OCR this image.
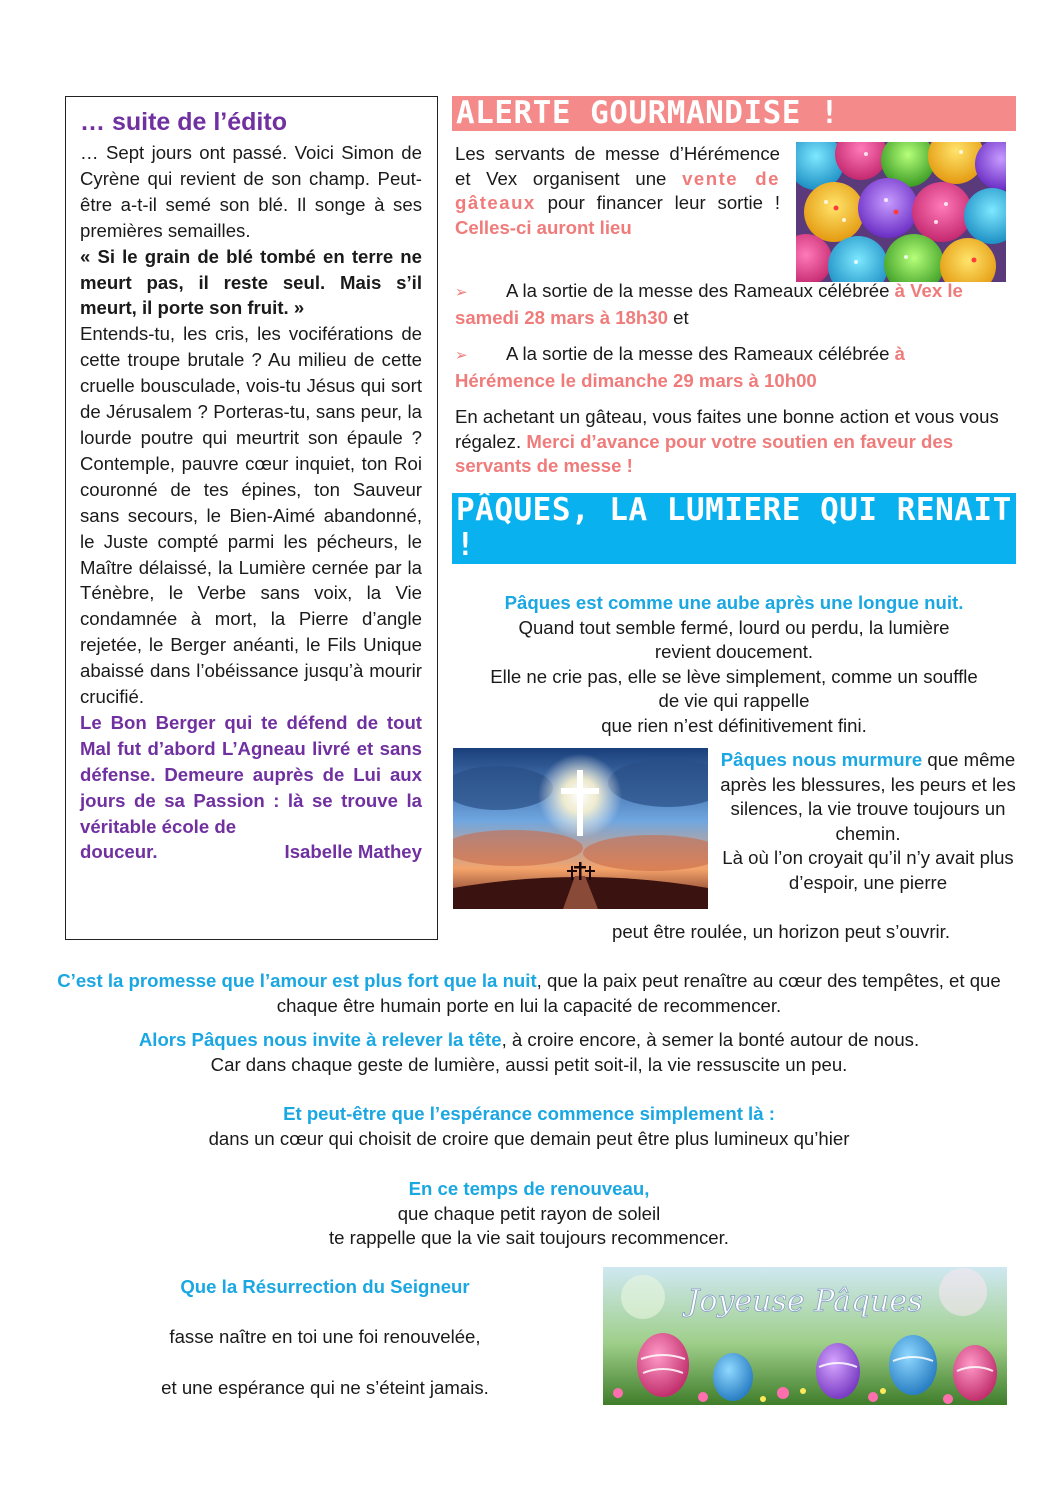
… suite de l’édito

… Sept jours ont passé. Voici Simon de Cyrène qui revient de son champ. Peut-être a-t-il semé son blé. Il songe à ses premières semailles.

« Si le grain de blé tombé en terre ne meurt pas, il reste seul. Mais s’il meurt, il porte son fruit. »

Entends-tu, les cris, les vociférations de cette troupe brutale ? Au milieu de cette cruelle bousculade, vois-tu Jésus qui sort de Jérusalem ? Porteras-tu, sans peur, la lourde poutre qui meurtrit son épaule ? Contemple, pauvre cœur inquiet, ton Roi couronné de tes épines, ton Sauveur sans secours, le Bien-Aimé abandonné, le Juste compté parmi les pécheurs, le Maître délaissé, la Lumière cernée par la Ténèbre, le Verbe sans voix, la Vie condamnée à mort, la Pierre d’angle rejetée, le Berger anéanti, le Fils Unique abaissé dans l’obéissance jusqu’à mourir crucifié.

Le Bon Berger qui te défend de tout Mal fut d’abord L’Agneau livré et sans défense. Demeure auprès de Lui aux jours de sa Passion : là se trouve la véritable école de

douceur.	Isabelle Mathey

ALERTE GOURMANDISE !
Les servants de messe d’Hérémence et Vex organisent une vente de gâteaux pour financer leur sortie ! Celles-ci auront lieu
➢ A la sortie de la messe des Rameaux célébrée à Vex le samedi 28 mars à 18h30 et
➢ A la sortie de la messe des Rameaux célébrée à Hérémence le dimanche 29 mars à 10h00
En achetant un gâteau, vous faites une bonne action et vous vous régalez. Merci d’avance pour votre soutien en faveur des servants de messe !
PÂQUES, LA LUMIERE QUI RENAIT !
Pâques est comme une aube après une longue nuit.
Quand tout semble fermé, lourd ou perdu, la lumière revient doucement.
Elle ne crie pas, elle se lève simplement, comme un souffle de vie qui rappelle
que rien n’est définitivement fini.
Pâques nous murmure que même après les blessures, les peurs et les silences, la vie trouve toujours un chemin.
Là où l’on croyait qu’il n’y avait plus d’espoir, une pierre
peut être roulée, un horizon peut s’ouvrir.
C’est la promesse que l’amour est plus fort que la nuit, que la paix peut renaître au cœur des tempêtes, et que chaque être humain porte en lui la capacité de recommencer.
Alors Pâques nous invite à relever la tête, à croire encore, à semer la bonté autour de nous.
Car dans chaque geste de lumière, aussi petit soit-il, la vie ressuscite un peu.
Et peut-être que l’espérance commence simplement là :
dans un cœur qui choisit de croire que demain peut être plus lumineux qu’hier
En ce temps de renouveau,
que chaque petit rayon de soleil
te rappelle que la vie sait toujours recommencer.
Que la Résurrection du Seigneur
fasse naître en toi une foi renouvelée,
et une espérance qui ne s’éteint jamais.
Joyeuse Pâques
